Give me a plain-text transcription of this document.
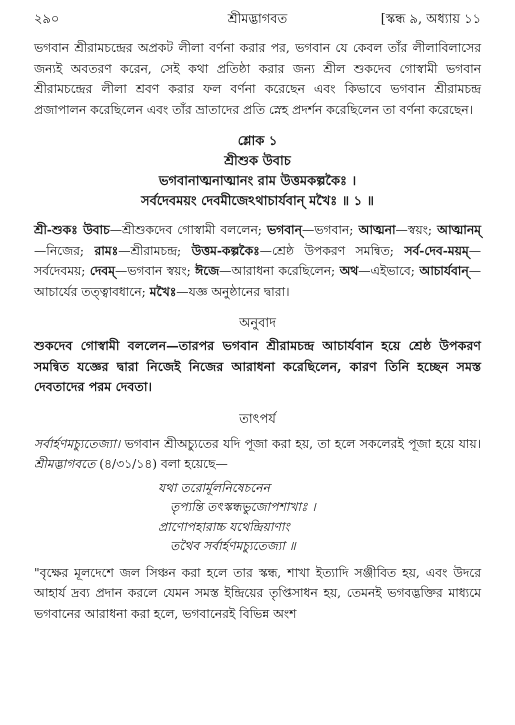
২৯০	শ্রীমদ্ভাগবত	[স্কন্ধ ৯, অধ্যায় ১১

ভগবান শ্রীরামচন্দ্রের অপ্রকট লীলা বর্ণনা করার পর, ভগবান যে কেবল তাঁর লীলাবিলাসের জন্যই অবতরণ করেন, সেই কথা প্রতিষ্ঠা করার জন্য শ্রীল শুকদেব গোস্বামী ভগবান শ্রীরামচন্দ্রের লীলা শ্রবণ করার ফল বর্ণনা করেছেন এবং কিভাবে ভগবান শ্রীরামচন্দ্র প্রজাপালন করেছিলেন এবং তাঁর ভ্রাতাদের প্রতি স্নেহ প্রদর্শন করেছিলেন তা বর্ণনা করেছেন।

শ্লোক ১
শ্রীশুক উবাচ
ভগবানাত্মনাত্মানং রাম উত্তমকল্পকৈঃ ।
সর্বদেবময়ং দেবমীজেঽথাচার্যবান্ মখৈঃ ॥ ১ ॥
শ্রী-শুকঃ উবাচ—শ্রীশুকদেব গোস্বামী বললেন; ভগবান্—ভগবান; আত্মনা—স্বয়ং; আত্মানম্—নিজের; রামঃ—শ্রীরামচন্দ্র; উত্তম-কল্পকৈঃ—শ্রেষ্ঠ উপকরণ সমন্বিত; সর্ব-দেব-ময়ম্—সর্বদেবময়; দেবম্—ভগবান স্বয়ং; ঈজে—আরাধনা করেছিলেন; অথ—এইভাবে; আচার্যবান্—আচার্যের তত্ত্বাবধানে; মখৈঃ—যজ্ঞ অনুষ্ঠানের দ্বারা।
অনুবাদ
শুকদেব গোস্বামী বললেন—তারপর ভগবান শ্রীরামচন্দ্র আচার্যবান হয়ে শ্রেষ্ঠ উপকরণ সমন্বিত যজ্ঞের দ্বারা নিজেই নিজের আরাধনা করেছিলেন, কারণ তিনি হচ্ছেন সমস্ত দেবতাদের পরম দেবতা।
তাৎপর্য
সর্বার্হণমচ্যুতেজ্যা। ভগবান শ্রীঅচ্যুতের যদি পূজা করা হয়, তা হলে সকলেরই পূজা হয়ে যায়। শ্রীমদ্ভাগবতে (৪/৩১/১৪) বলা হয়েছে—
যথা তরোর্মূলনিষেচনেন
তৃপ্যন্তি তৎস্কন্ধভুজোপশাখাঃ ।
প্রাণোপহারাচ্চ যথেন্দ্রিয়াণাং
তথৈব সর্বার্হণমচ্যুতেজ্যা ॥
"বৃক্ষের মূলদেশে জল সিঞ্চন করা হলে তার স্কন্ধ, শাখা ইত্যাদি সঞ্জীবিত হয়, এবং উদরে আহার্য দ্রব্য প্রদান করলে যেমন সমস্ত ইন্দ্রিয়ের তৃপ্তিসাধন হয়, তেমনই ভগবদ্ভক্তির মাধ্যমে ভগবানের আরাধনা করা হলে, ভগবানেরই বিভিন্ন অংশ
